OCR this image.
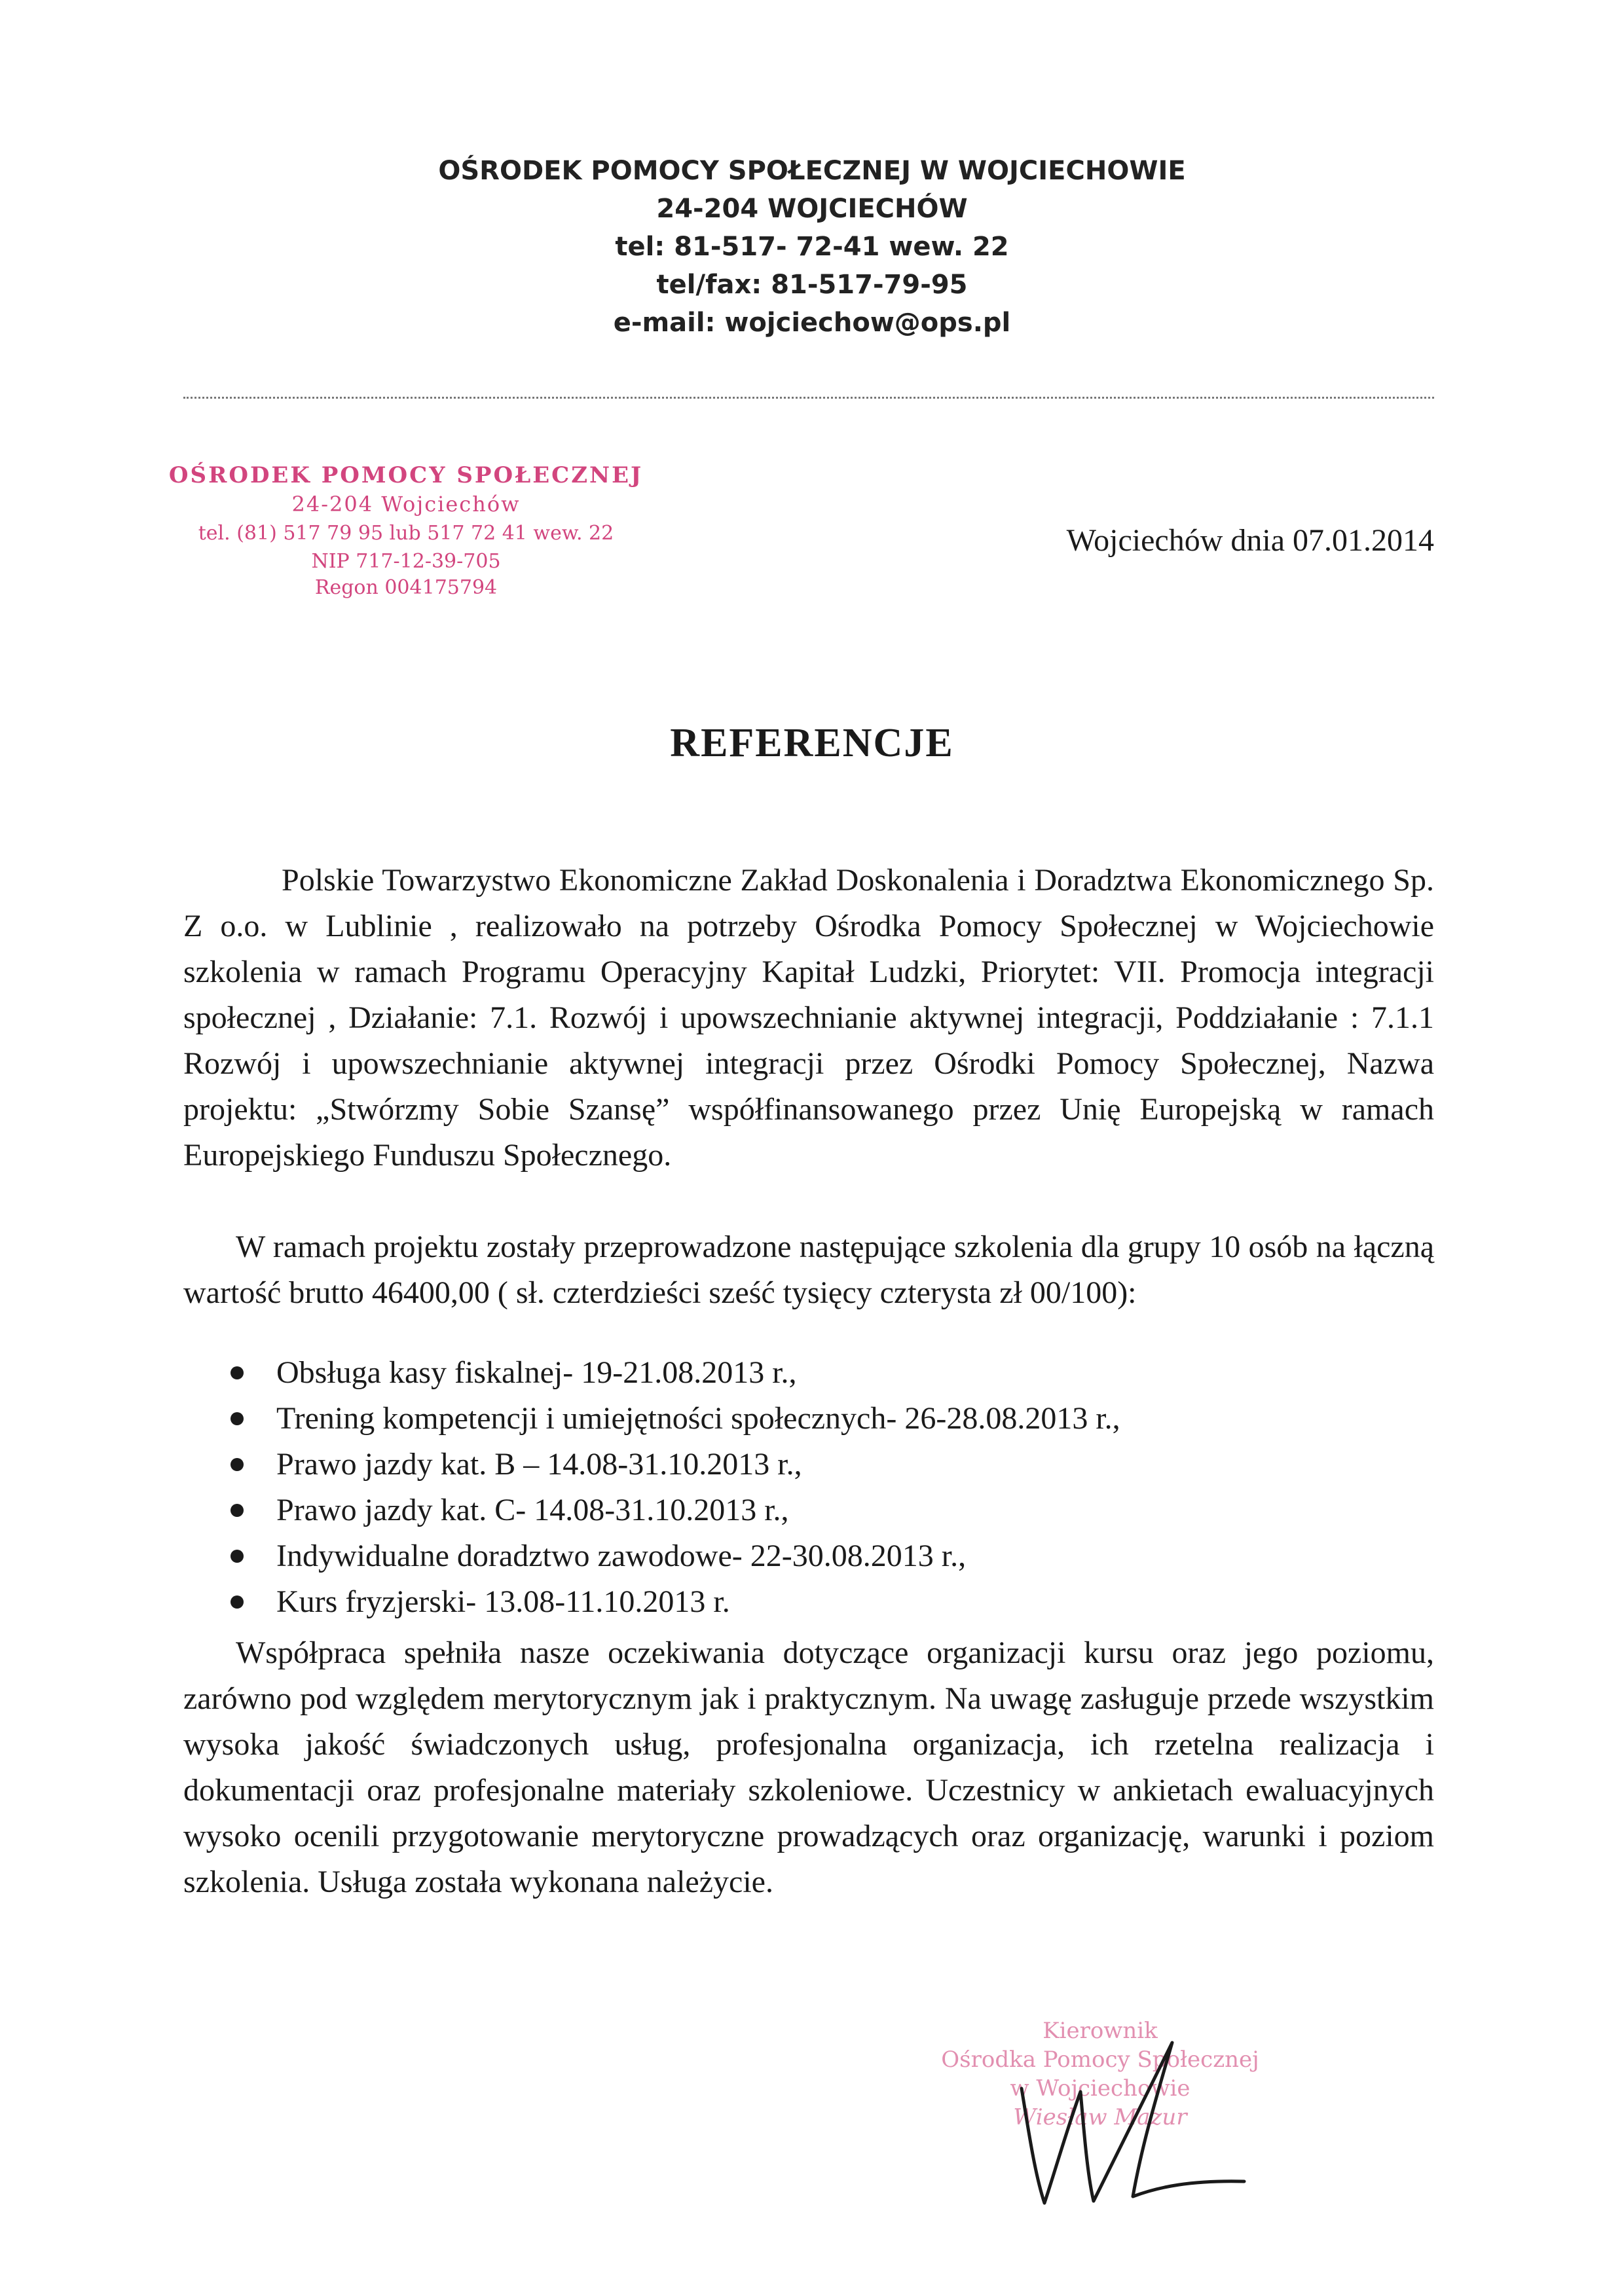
OŚRODEK POMOCY SPOŁECZNEJ W WOJCIECHOWIE
24-204 WOJCIECHÓW
tel: 81-517- 72-41 wew. 22
tel/fax: 81-517-79-95
e-mail: wojciechow@ops.pl
OŚRODEK POMOCY SPOŁECZNEJ
24-204 Wojciechów
tel. (81) 517 79 95 lub 517 72 41 wew. 22
NIP 717-12-39-705
Regon 004175794
Wojciechów dnia 07.01.2014
REFERENCJE
Polskie Towarzystwo Ekonomiczne Zakład Doskonalenia i Doradztwa Ekonomicznego Sp. Z o.o. w Lublinie , realizowało na potrzeby Ośrodka Pomocy Społecznej w Wojciechowie szkolenia w ramach Programu Operacyjny Kapitał Ludzki, Priorytet: VII. Promocja integracji społecznej , Działanie: 7.1. Rozwój i upowszechnianie aktywnej integracji, Poddziałanie : 7.1.1 Rozwój i upowszechnianie aktywnej integracji przez Ośrodki Pomocy Społecznej, Nazwa projektu: „Stwórzmy Sobie Szansę” współfinansowanego przez Unię Europejską w ramach Europejskiego Funduszu Społecznego.
W ramach projektu zostały przeprowadzone następujące szkolenia dla grupy 10 osób na łączną wartość brutto 46400,00 ( sł. czterdzieści sześć tysięcy czterysta zł 00/100):
Obsługa kasy fiskalnej- 19-21.08.2013 r.,
Trening kompetencji i umiejętności społecznych- 26-28.08.2013 r.,
Prawo jazdy kat. B – 14.08-31.10.2013 r.,
Prawo jazdy kat. C- 14.08-31.10.2013 r.,
Indywidualne doradztwo zawodowe- 22-30.08.2013 r.,
Kurs fryzjerski- 13.08-11.10.2013 r.
Współpraca spełniła nasze oczekiwania dotyczące organizacji kursu oraz jego poziomu, zarówno pod względem merytorycznym jak i praktycznym. Na uwagę zasługuje przede wszystkim wysoka jakość świadczonych usług, profesjonalna organizacja, ich rzetelna realizacja i dokumentacji oraz profesjonalne materiały szkoleniowe. Uczestnicy w ankietach ewaluacyjnych wysoko ocenili przygotowanie merytoryczne prowadzących oraz organizację, warunki i poziom szkolenia. Usługa została wykonana należycie.
Kierownik
Ośrodka Pomocy Społecznej
w Wojciechowie
Wiesław Mazur
